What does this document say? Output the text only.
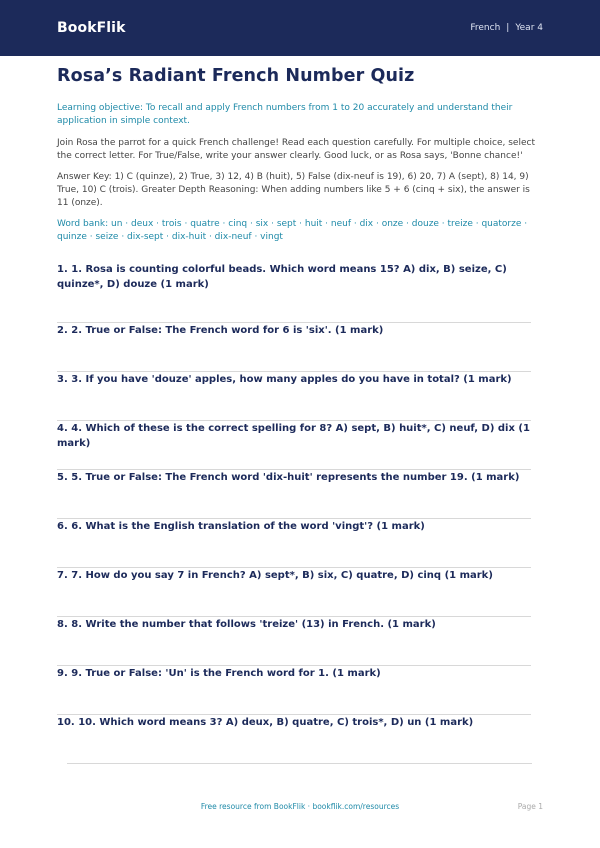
BookFlik	French | Year 4
Rosa’s Radiant French Number Quiz
Learning objective: To recall and apply French numbers from 1 to 20 accurately and understand their application in simple context.
Join Rosa the parrot for a quick French challenge! Read each question carefully. For multiple choice, select the correct letter. For True/False, write your answer clearly. Good luck, or as Rosa says, 'Bonne chance!'
Answer Key: 1) C (quinze), 2) True, 3) 12, 4) B (huit), 5) False (dix-neuf is 19), 6) 20, 7) A (sept), 8) 14, 9) True, 10) C (trois). Greater Depth Reasoning: When adding numbers like 5 + 6 (cinq + six), the answer is 11 (onze).
Word bank: un · deux · trois · quatre · cinq · six · sept · huit · neuf · dix · onze · douze · treize · quatorze · quinze · seize · dix-sept · dix-huit · dix-neuf · vingt
1. 1. Rosa is counting colorful beads. Which word means 15? A) dix, B) seize, C) quinze*, D) douze (1 mark)
2. 2. True or False: The French word for 6 is 'six'. (1 mark)
3. 3. If you have 'douze' apples, how many apples do you have in total? (1 mark)
4. 4. Which of these is the correct spelling for 8? A) sept, B) huit*, C) neuf, D) dix (1 mark)
5. 5. True or False: The French word 'dix-huit' represents the number 19. (1 mark)
6. 6. What is the English translation of the word 'vingt'? (1 mark)
7. 7. How do you say 7 in French? A) sept*, B) six, C) quatre, D) cinq (1 mark)
8. 8. Write the number that follows 'treize' (13) in French. (1 mark)
9. 9. True or False: 'Un' is the French word for 1. (1 mark)
10. 10. Which word means 3? A) deux, B) quatre, C) trois*, D) un (1 mark)
Free resource from BookFlik · bookflik.com/resources	Page 1
